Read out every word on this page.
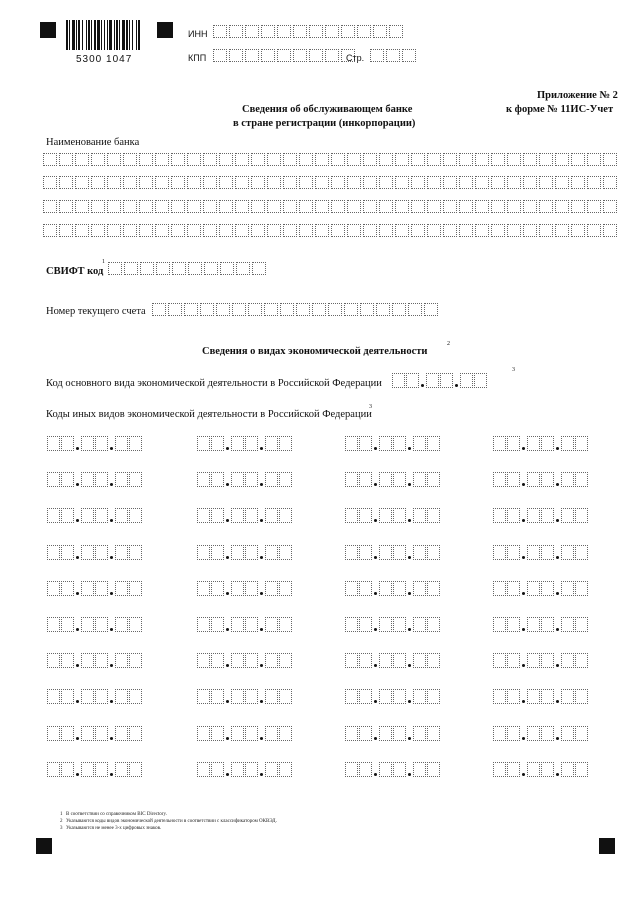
5300 1047
ИНН
КПП	Стр.
Приложение № 2
к форме № 11ИС-Учет
Сведения об обслуживающем банке
в стране регистрации (инкорпорации)
Наименование банка
СВИФТ код
1
Номер текущего счета
Сведения о видах экономической деятельности
2
Код основного вида экономической деятельности в Российской Федерации
3
Коды иных видов экономической деятельности в Российской Федерации
3
1 В соответствии со справочником BIC Directory.
2 Указываются коды видов экономической деятельности в соответствии с классификатором ОКВЭД.
3 Указываются не менее 3-х цифровых знаков.
